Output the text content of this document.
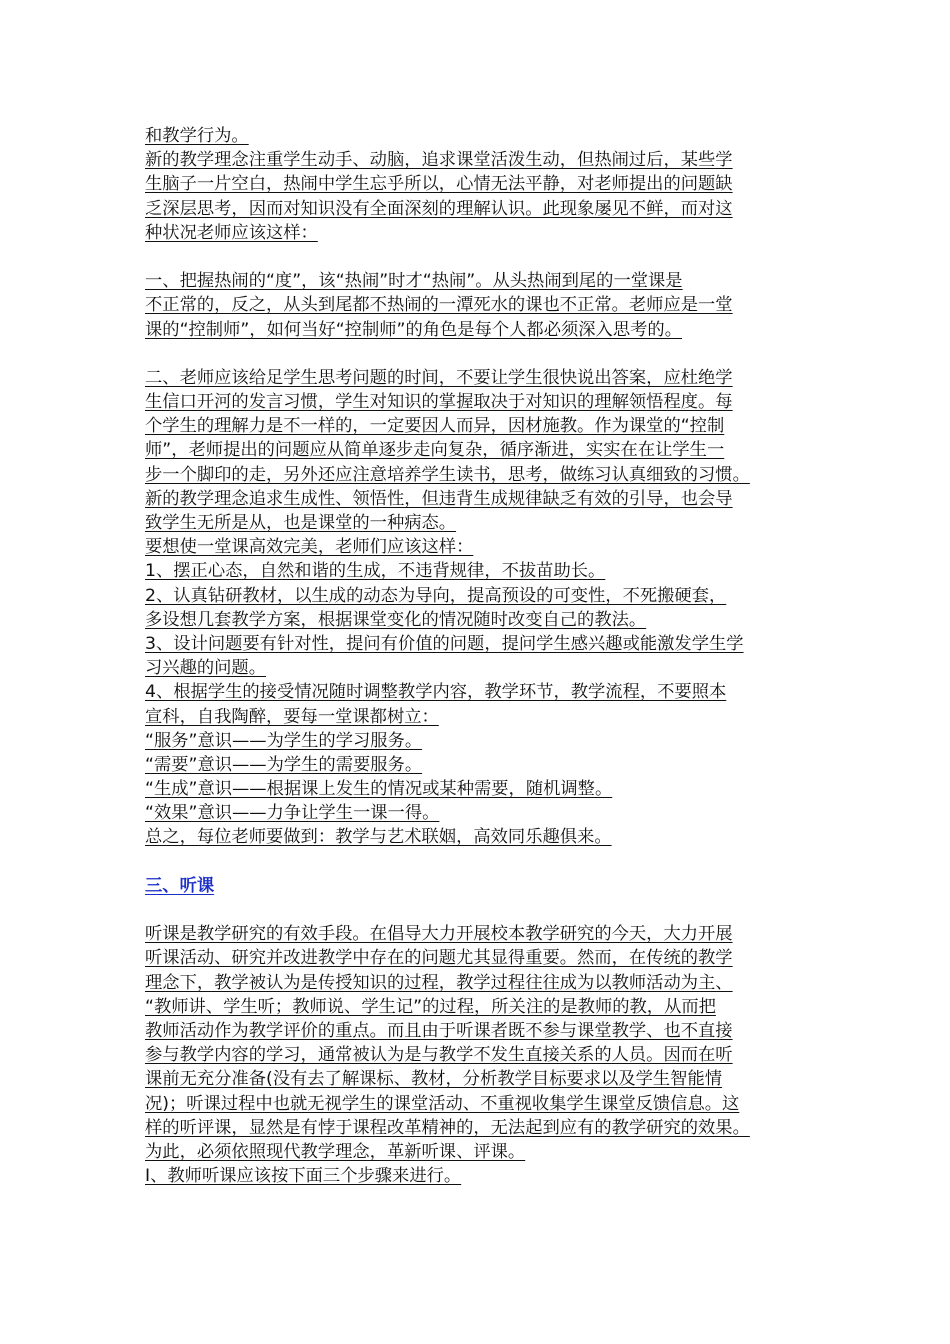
和教学行为。
新的教学理念注重学生动手、动脑，追求课堂活泼生动，但热闹过后，某些学
生脑子一片空白，热闹中学生忘乎所以，心情无法平静，对老师提出的问题缺
乏深层思考，因而对知识没有全面深刻的理解认识。此现象屡见不鲜，而对这
种状况老师应该这样：
一、把握热闹的“度”，该“热闹”时才“热闹”。从头热闹到尾的一堂课是
不正常的，反之，从头到尾都不热闹的一潭死水的课也不正常。老师应是一堂
课的“控制师”，如何当好“控制师”的角色是每个人都必须深入思考的。
二、老师应该给足学生思考问题的时间，不要让学生很快说出答案，应杜绝学
生信口开河的发言习惯，学生对知识的掌握取决于对知识的理解领悟程度。每
个学生的理解力是不一样的，一定要因人而异，因材施教。作为课堂的“控制
师”，老师提出的问题应从简单逐步走向复杂，循序渐进，实实在在让学生一
步一个脚印的走，另外还应注意培养学生读书，思考，做练习认真细致的习惯。
新的教学理念追求生成性、领悟性，但违背生成规律缺乏有效的引导，也会导
致学生无所是从，也是课堂的一种病态。
要想使一堂课高效完美，老师们应该这样：
1、摆正心态，自然和谐的生成，不违背规律，不拔苗助长。
2、认真钻研教材，以生成的动态为导向，提高预设的可变性，不死搬硬套，
多设想几套教学方案，根据课堂变化的情况随时改变自己的教法。
3、设计问题要有针对性，提问有价值的问题，提问学生感兴趣或能激发学生学
习兴趣的问题。
4、根据学生的接受情况随时调整教学内容，教学环节，教学流程，不要照本
宣科，自我陶醉，要每一堂课都树立：
“服务”意识——为学生的学习服务。
“需要”意识——为学生的需要服务。
“生成”意识——根据课上发生的情况或某种需要，随机调整。
“效果”意识——力争让学生一课一得。
总之，每位老师要做到：教学与艺术联姻，高效同乐趣俱来。
三、听课
听课是教学研究的有效手段。在倡导大力开展校本教学研究的今天，大力开展
听课活动、研究并改进教学中存在的问题尤其显得重要。然而，在传统的教学
理念下，教学被认为是传授知识的过程，教学过程往往成为以教师活动为主、
“教师讲、学生听；教师说、学生记”的过程，所关注的是教师的教，从而把
教师活动作为教学评价的重点。而且由于听课者既不参与课堂教学、也不直接
参与教学内容的学习，通常被认为是与教学不发生直接关系的人员。因而在听
课前无充分准备(没有去了解课标、教材，分析教学目标要求以及学生智能情
况)；听课过程中也就无视学生的课堂活动、不重视收集学生课堂反馈信息。这
样的听评课，显然是有悖于课程改革精神的，无法起到应有的教学研究的效果。
为此，必须依照现代教学理念，革新听课、评课。
I、教师听课应该按下面三个步骤来进行。
